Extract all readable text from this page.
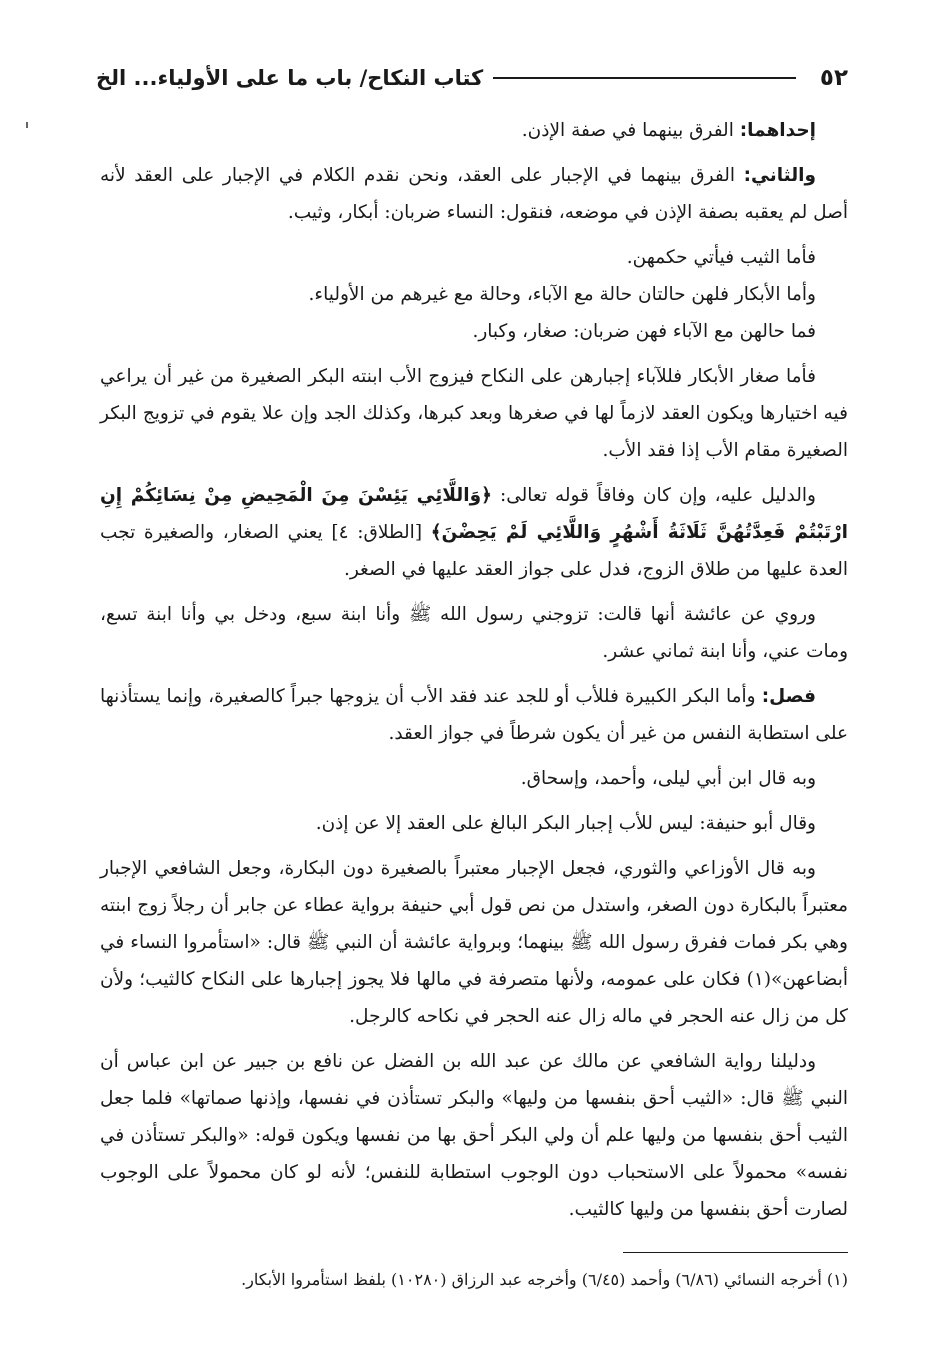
٥٢
كتاب النكاح/ باب ما على الأولياء... الخ

إحداهما: الفرق بينهما في صفة الإذن.

والثاني: الفرق بينهما في الإجبار على العقد، ونحن نقدم الكلام في الإجبار على العقد لأنه أصل لم يعقبه بصفة الإذن في موضعه، فنقول: النساء ضربان: أبكار، وثيب.

فأما الثيب فيأتي حكمهن.

وأما الأبكار فلهن حالتان حالة مع الآباء، وحالة مع غيرهم من الأولياء.

فما حالهن مع الآباء فهن ضربان: صغار، وكبار.

فأما صغار الأبكار فللآباء إجبارهن على النكاح فيزوج الأب ابنته البكر الصغيرة من غير أن يراعي فيه اختيارها ويكون العقد لازماً لها في صغرها وبعد كبرها، وكذلك الجد وإن علا يقوم في تزويج البكر الصغيرة مقام الأب إذا فقد الأب.

والدليل عليه، وإن كان وفاقاً قوله تعالى: ﴿وَاللَّائِي يَئِسْنَ مِنَ الْمَحِيضِ مِنْ نِسَائِكُمْ إِنِ ارْتَبْتُمْ فَعِدَّتُهُنَّ ثَلَاثَةُ أَشْهُرٍ وَاللَّائِي لَمْ يَحِضْنَ﴾ [الطلاق: ٤] يعني الصغار، والصغيرة تجب العدة عليها من طلاق الزوج، فدل على جواز العقد عليها في الصغر.

وروي عن عائشة أنها قالت: تزوجني رسول الله ﷺ وأنا ابنة سبع، ودخل بي وأنا ابنة تسع، ومات عني، وأنا ابنة ثماني عشر.

فصل: وأما البكر الكبيرة فللأب أو للجد عند فقد الأب أن يزوجها جبراً كالصغيرة، وإنما يستأذنها على استطابة النفس من غير أن يكون شرطاً في جواز العقد.

وبه قال ابن أبي ليلى، وأحمد، وإسحاق.

وقال أبو حنيفة: ليس للأب إجبار البكر البالغ على العقد إلا عن إذن.

وبه قال الأوزاعي والثوري، فجعل الإجبار معتبراً بالصغيرة دون البكارة، وجعل الشافعي الإجبار معتبراً بالبكارة دون الصغر، واستدل من نص قول أبي حنيفة برواية عطاء عن جابر أن رجلاً زوج ابنته وهي بكر فمات ففرق رسول الله ﷺ بينهما؛ وبرواية عائشة أن النبي ﷺ قال: «استأمروا النساء في أبضاعهن»(١) فكان على عمومه، ولأنها متصرفة في مالها فلا يجوز إجبارها على النكاح كالثيب؛ ولأن كل من زال عنه الحجر في ماله زال عنه الحجر في نكاحه كالرجل.

ودليلنا رواية الشافعي عن مالك عن عبد الله بن الفضل عن نافع بن جبير عن ابن عباس أن النبي ﷺ قال: «الثيب أحق بنفسها من وليها» والبكر تستأذن في نفسها، وإذنها صماتها» فلما جعل الثيب أحق بنفسها من وليها علم أن ولي البكر أحق بها من نفسها ويكون قوله: «والبكر تستأذن في نفسه» محمولاً على الاستحباب دون الوجوب استطابة للنفس؛ لأنه لو كان محمولاً على الوجوب لصارت أحق بنفسها من وليها كالثيب.

(١) أخرجه النسائي (٦/٨٦) وأحمد (٦/٤٥) وأخرجه عبد الرزاق (١٠٢٨٠) بلفظ استأمروا الأبكار.
